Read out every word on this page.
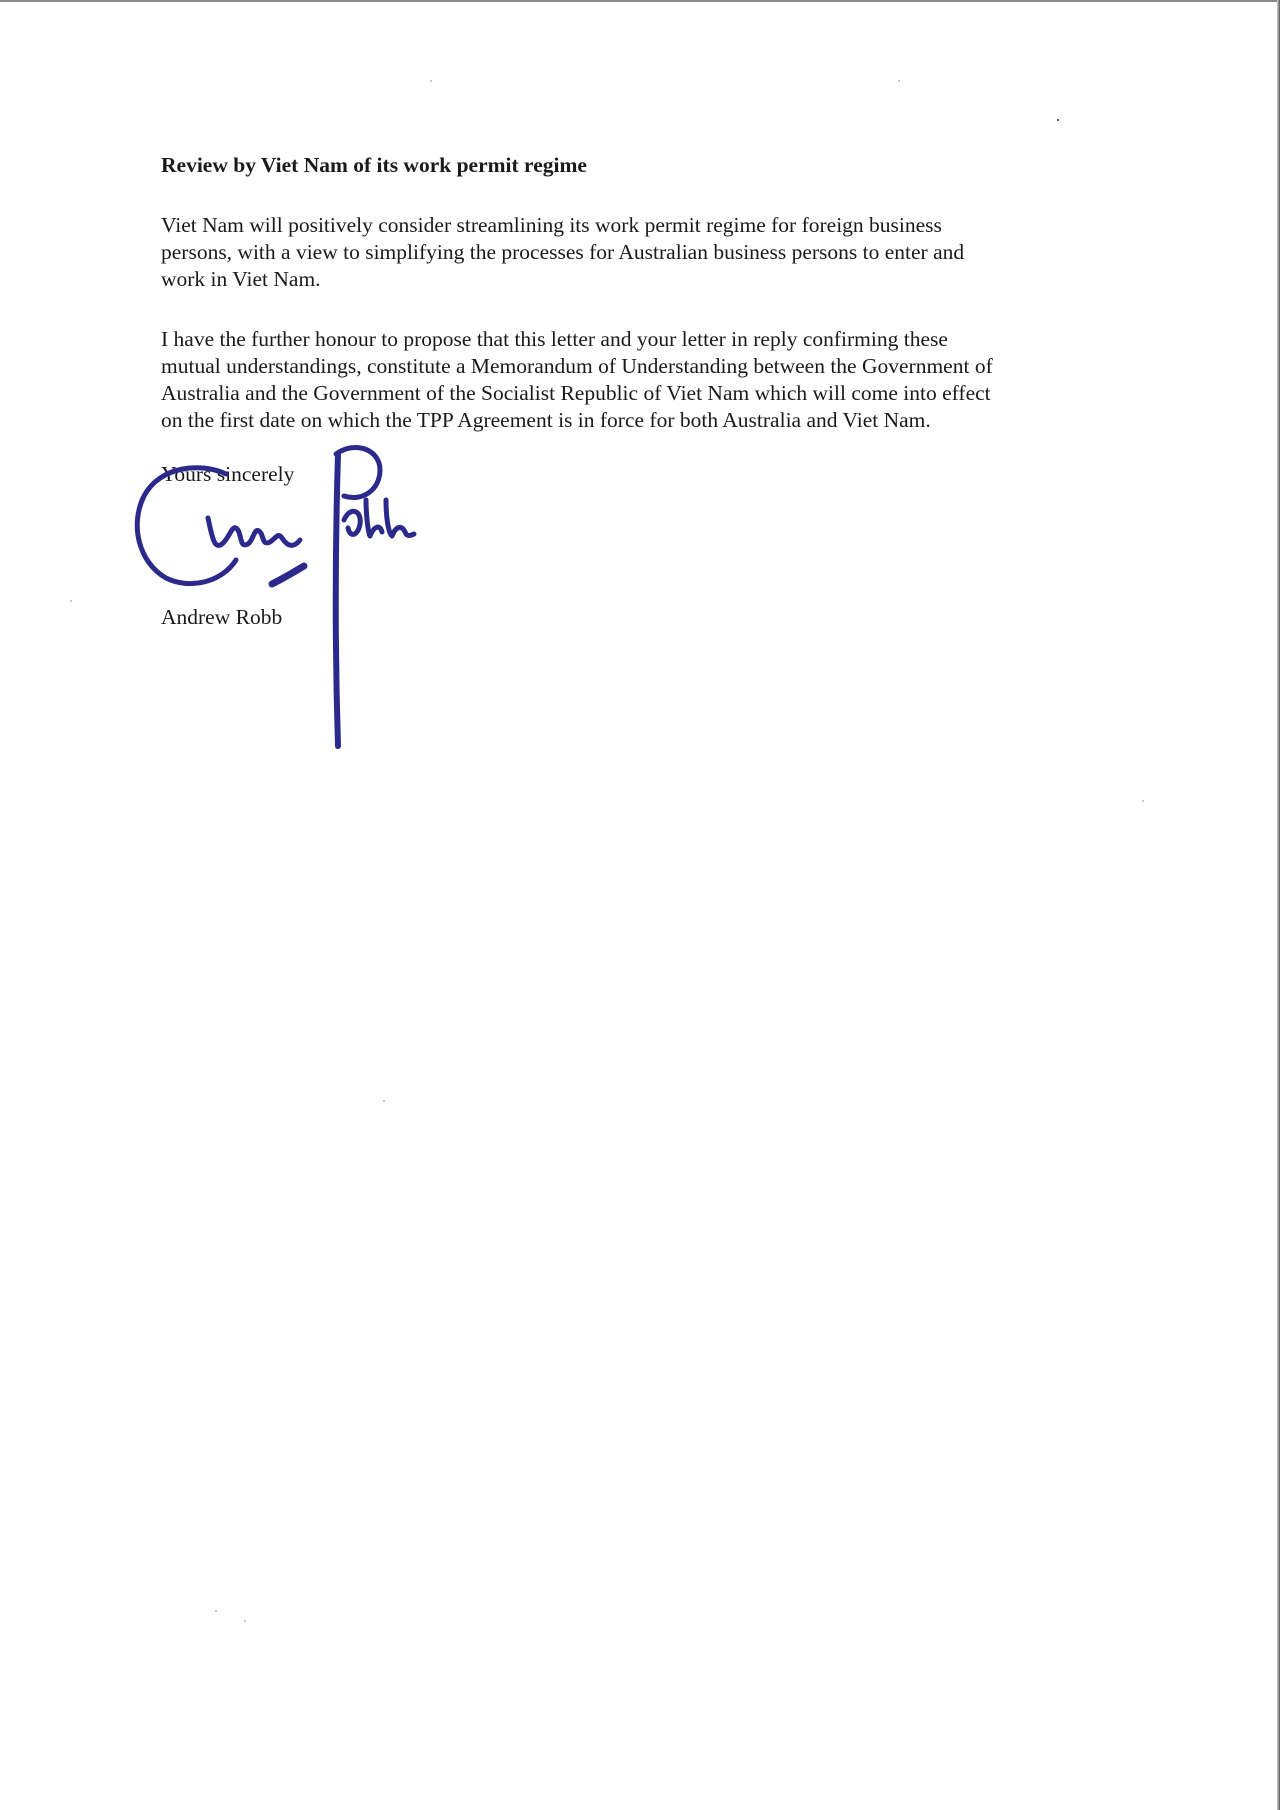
Review by Viet Nam of its work permit regime
Viet Nam will positively consider streamlining its work permit regime for foreign business
persons, with a view to simplifying the processes for Australian business persons to enter and
work in Viet Nam.
I have the further honour to propose that this letter and your letter in reply confirming these
mutual understandings, constitute a Memorandum of Understanding between the Government of
Australia and the Government of the Socialist Republic of Viet Nam which will come into effect
on the first date on which the TPP Agreement is in force for both Australia and Viet Nam.

Yours sincerely

Andrew Robb
